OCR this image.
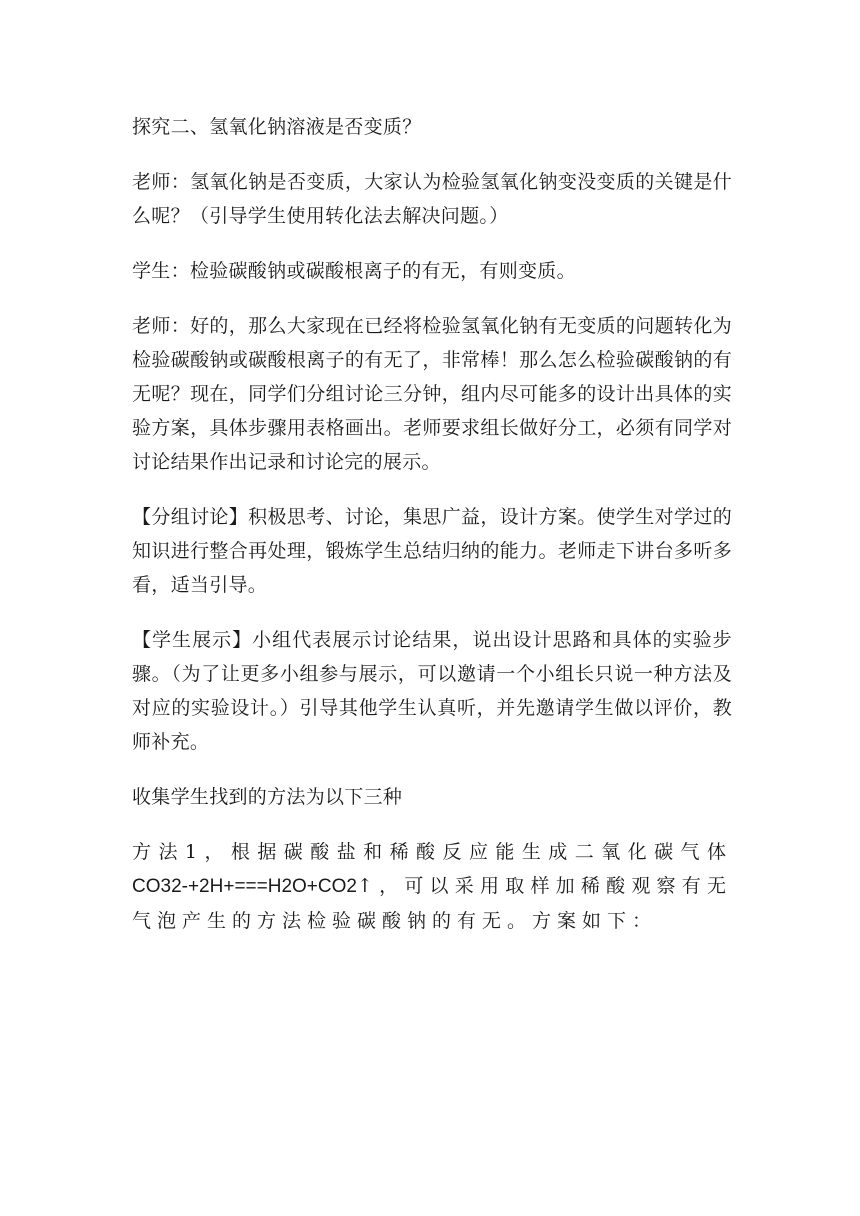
探究二、氢氧化钠溶液是否变质？

老师：氢氧化钠是否变质，大家认为检验氢氧化钠变没变质的关键是什么呢？（引导学生使用转化法去解决问题。）

学生：检验碳酸钠或碳酸根离子的有无，有则变质。

老师：好的，那么大家现在已经将检验氢氧化钠有无变质的问题转化为检验碳酸钠或碳酸根离子的有无了，非常棒！那么怎么检验碳酸钠的有无呢？现在，同学们分组讨论三分钟，组内尽可能多的设计出具体的实验方案，具体步骤用表格画出。老师要求组长做好分工，必须有同学对讨论结果作出记录和讨论完的展示。

【分组讨论】积极思考、讨论，集思广益，设计方案。使学生对学过的知识进行整合再处理，锻炼学生总结归纳的能力。老师走下讲台多听多看，适当引导。

【学生展示】小组代表展示讨论结果，说出设计思路和具体的实验步骤。（为了让更多小组参与展示，可以邀请一个小组长只说一种方法及对应的实验设计。）引导其他学生认真听，并先邀请学生做以评价，教师补充。

收集学生找到的方法为以下三种

方法1，根据碳酸盐和稀酸反应能生成二氧化碳气体CO32-+2H+===H2O+CO2↑，可以采用取样加稀酸观察有无气泡产生的方法检验碳酸钠的有无。方案如下：
